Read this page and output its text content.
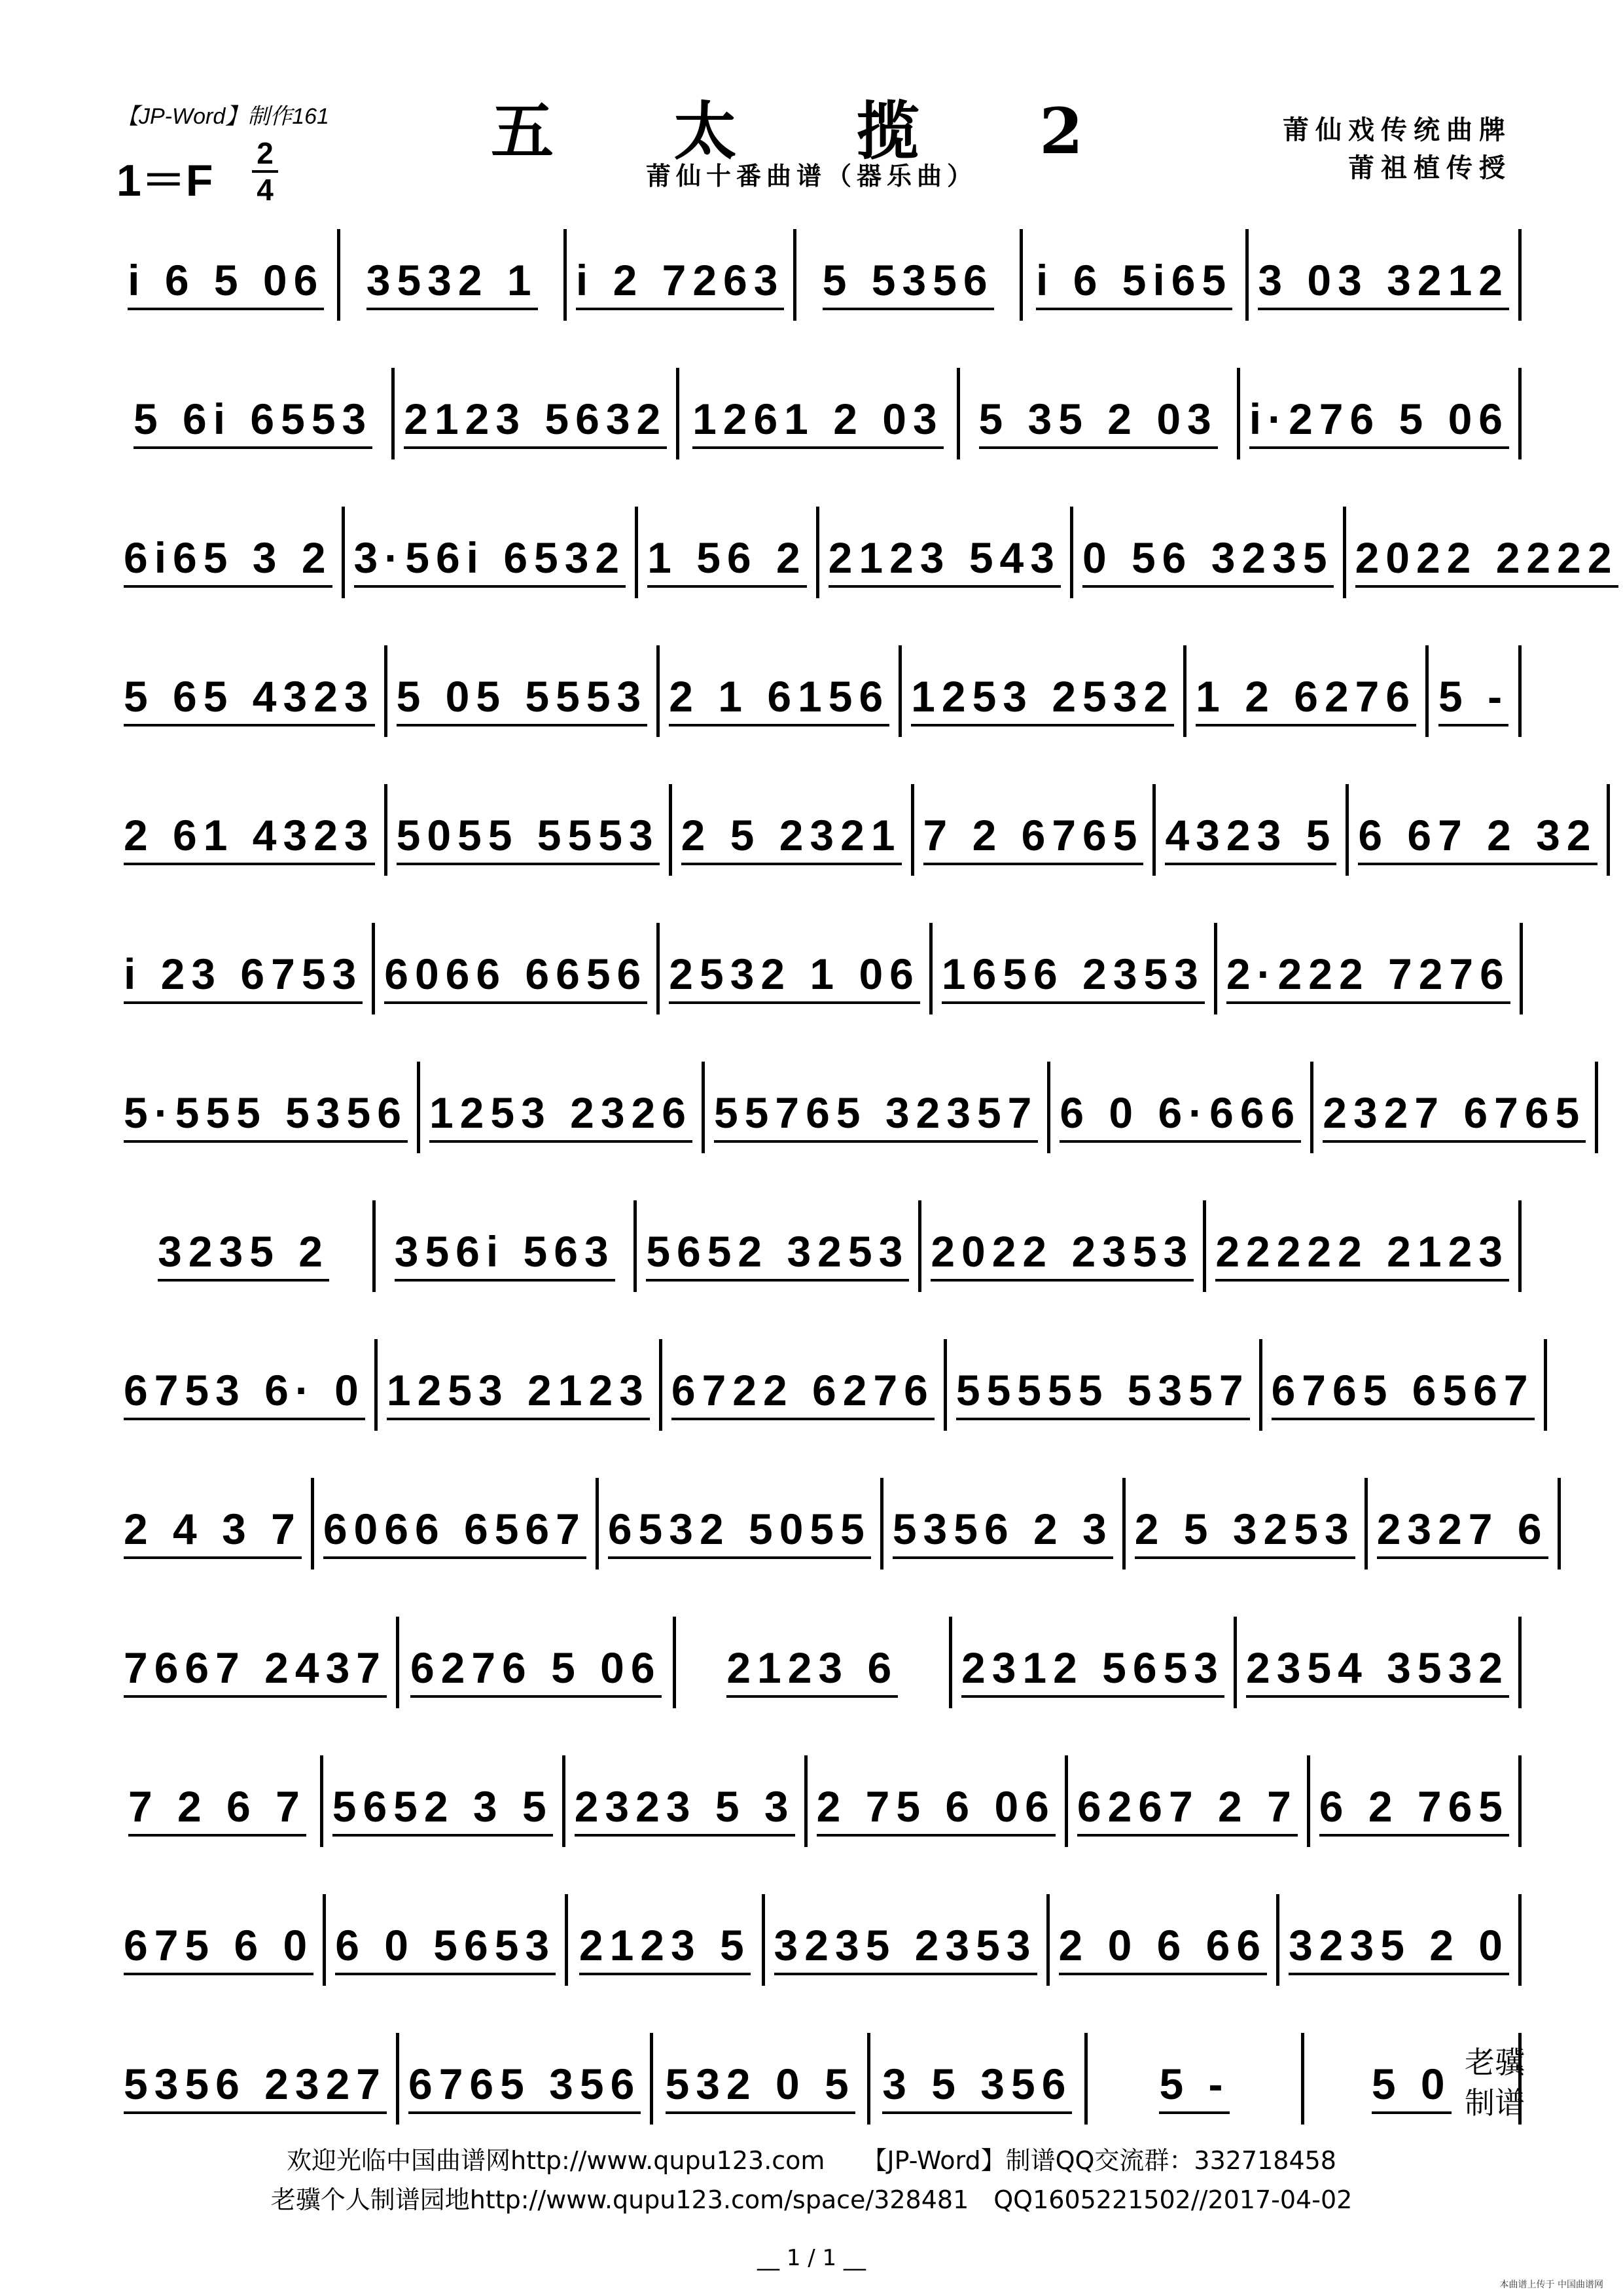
【JP-Word】制作161	五 太 揽 2
莆仙十番曲谱（器乐曲）
莆仙戏传统曲牌
莆祖植传授
1＝F
2
4
i 6 5 06 3532 1 i 2 7263 5 5356 i 6 5i65 3 03 3212
5 6i 6553 2123 5632 1261 2 03 5 35 2 03 i·276 5 06
6i65 3 2 3·56i 6532 1 56 2 2123 543 0 56 3235 2022 2222
5 65 4323 5 05 5553 2 1 6156 1253 2532 1 2 6276 5 -
2 61 4323 5055 5553 2 5 2321 7 2 6765 4323 5 6 67 2 32
i 23 6753 6066 6656 2532 1 06 1656 2353 2·222 7276
5·555 5356 1253 2326 55765 32357 6 0 6·666 2327 6765
3235 2 356i 563 5652 3253 2022 2353 22222 2123
6753 6· 0 1253 2123 6722 6276 55555 5357 6765 6567
2 4 3 7 6066 6567 6532 5055 5356 2 3 2 5 3253 2327 6
7667 2437 6276 5 06 2123 6 2312 5653 2354 3532
7 2 6 7 5652 3 5 2323 5 3 2 75 6 06 6267 2 7 6 2 765
675 6 0 6 0 5653 2123 5 3235 2353 2 0 6 66 3235 2 0
5356 2327 6765 356 532 0 5 3 5 356 5 -	5 0 老骥
制谱
欢迎光临中国曲谱网http://www.qupu123.com　　【JP-Word】制谱QQ交流群：332718458
老骥个人制谱园地http://www.qupu123.com/space/328481　QQ1605221502//2017-04-02
__ 1 / 1 __
本曲谱上传于 中国曲谱网
